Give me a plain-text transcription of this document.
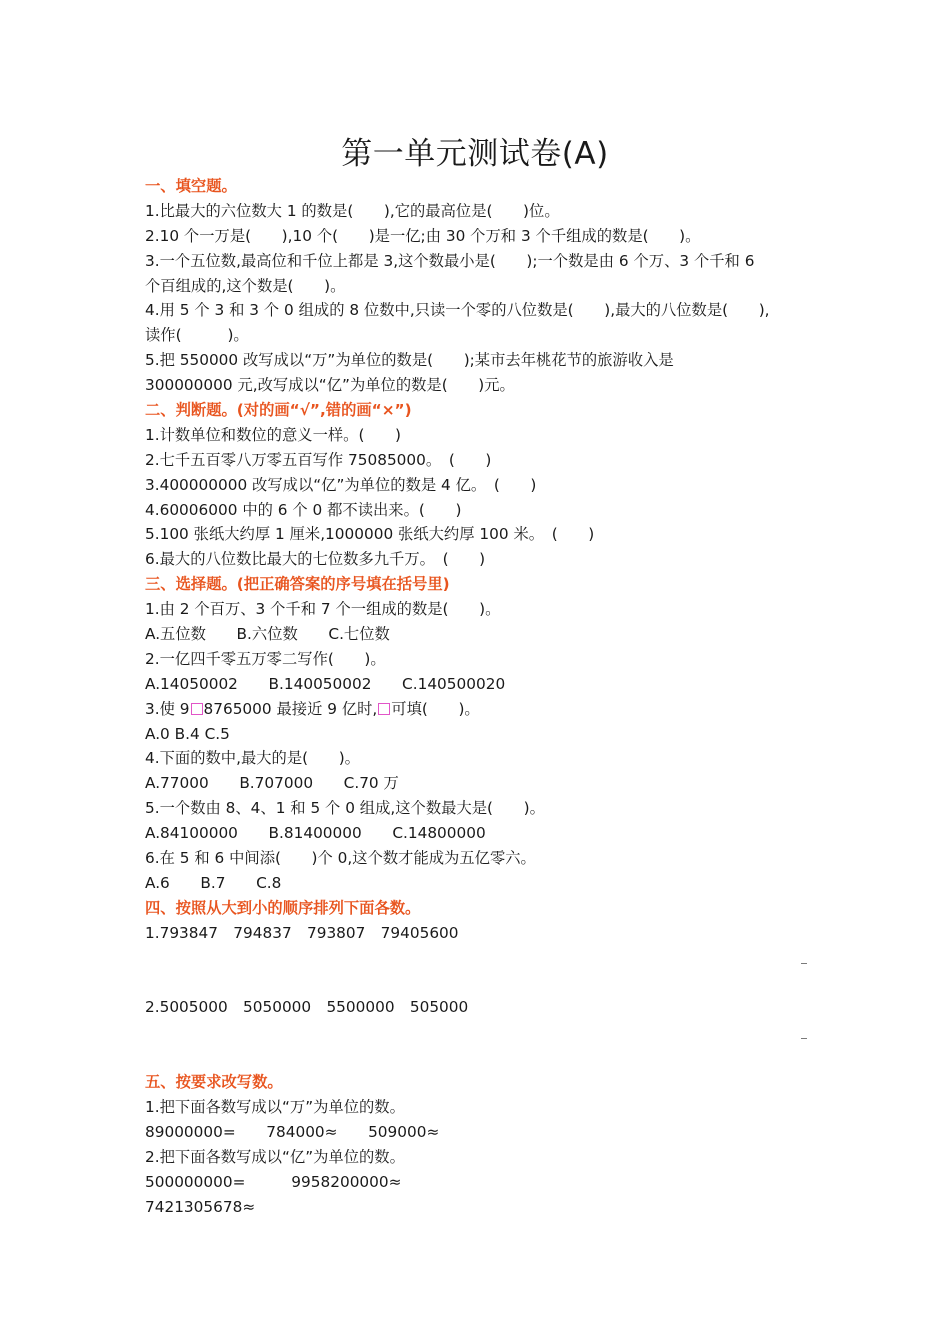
第一单元测试卷(A)
一、填空题。
1.比最大的六位数大 1 的数是(　　),它的最高位是(　　)位。
2.10 个一万是(　　),10 个(　　)是一亿;由 30 个万和 3 个千组成的数是(　　)。
3.一个五位数,最高位和千位上都是 3,这个数最小是(　　);一个数是由 6 个万、3 个千和 6
个百组成的,这个数是(　　)。
4.用 5 个 3 和 3 个 0 组成的 8 位数中,只读一个零的八位数是(　　),最大的八位数是(　　),
读作(　　　)。
5.把 550000 改写成以“万”为单位的数是(　　);某市去年桃花节的旅游收入是
300000000 元,改写成以“亿”为单位的数是(　　)元。
二、判断题。(对的画“√”,错的画“×”)
1.计数单位和数位的意义一样。(　　)
2.七千五百零八万零五百写作 75085000。　(　　)
3.400000000 改写成以“亿”为单位的数是 4 亿。　(　　)
4.60006000 中的 6 个 0 都不读出来。(　　)
5.100 张纸大约厚 1 厘米,1000000 张纸大约厚 100 米。　(　　)
6.最大的八位数比最大的七位数多九千万。　(　　)
三、选择题。(把正确答案的序号填在括号里)
1.由 2 个百万、3 个千和 7 个一组成的数是(　　)。
A.五位数　　B.六位数　　C.七位数
2.一亿四千零五万零二写作(　　)。
A.14050002　　B.140050002　　C.140500020
3.使 9 8765000 最接近 9 亿时, 可填(　　)。
A.0 B.4 C.5
4.下面的数中,最大的是(　　)。
A.77000　　B.707000　　C.70 万
5.一个数由 8、4、1 和 5 个 0 组成,这个数最大是(　　)。
A.84100000　　B.81400000　　C.14800000
6.在 5 和 6 中间添(　　)个 0,这个数才能成为五亿零六。
A.6　　B.7　　C.8
四、按照从大到小的顺序排列下面各数。
1.793847　794837　793807　79405600
2.5005000　5050000　5500000　505000
五、按要求改写数。
1.把下面各数写成以“万”为单位的数。
89000000=　　784000≈　　509000≈
2.把下面各数写成以“亿”为单位的数。
500000000=　　　9958200000≈
7421305678≈
